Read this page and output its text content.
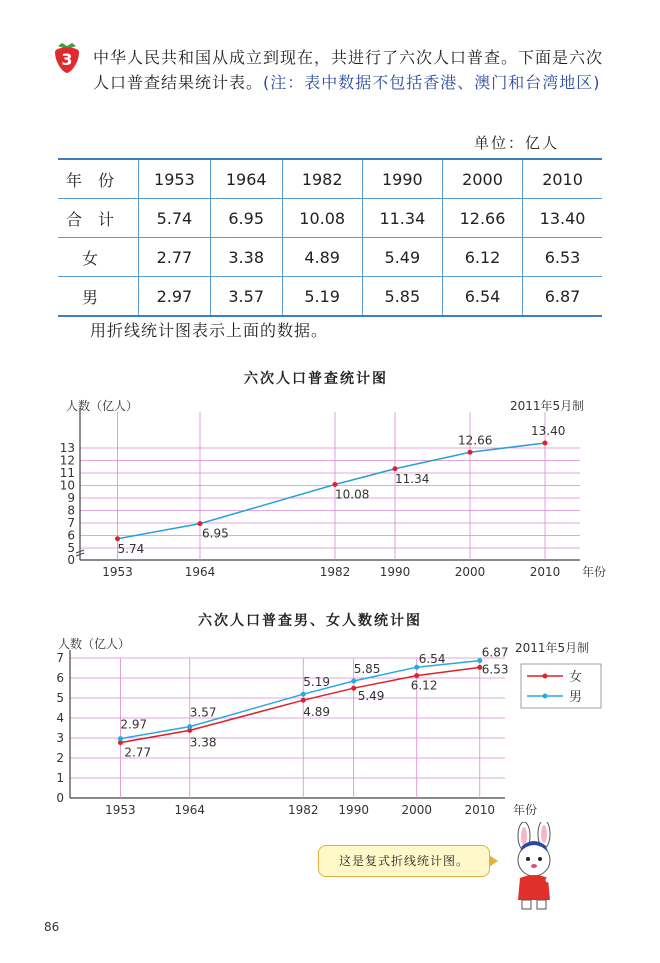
3 中华人民共和国从成立到现在，共进行了六次人口普查。下面是六次人口普查结果统计表。(注：表中数据不包括香港、澳门和台湾地区)
单位：亿人
年份	1953	1964	1982	1990	2000	2010
合计	5.74	6.95	10.08	11.34	12.66	13.40
女	2.77	3.38	4.89	5.49	6.12	6.53
男	2.97	3.57	5.19	5.85	6.54	6.87
用折线统计图表示上面的数据。
六次人口普查统计图
0
5
6
7
8
9
10
11
12
13
1953	1964	1982 1990	2000	2010 年份
人数（亿人）	2011年5月制
5.74
6.95
10.08
11.34
12.66
13.40
六次人口普查男、女人数统计图
0
1
2
3
4
5
6
7
1953	1964	1982 1990	2000	2010 年份
人数（亿人）	2011年5月制
女
男
2.77
3.38
4.89
5.49
6.12
6.53
2.97
3.57
5.19
5.85
6.54	6.87
这是复式折线统计图。
86
